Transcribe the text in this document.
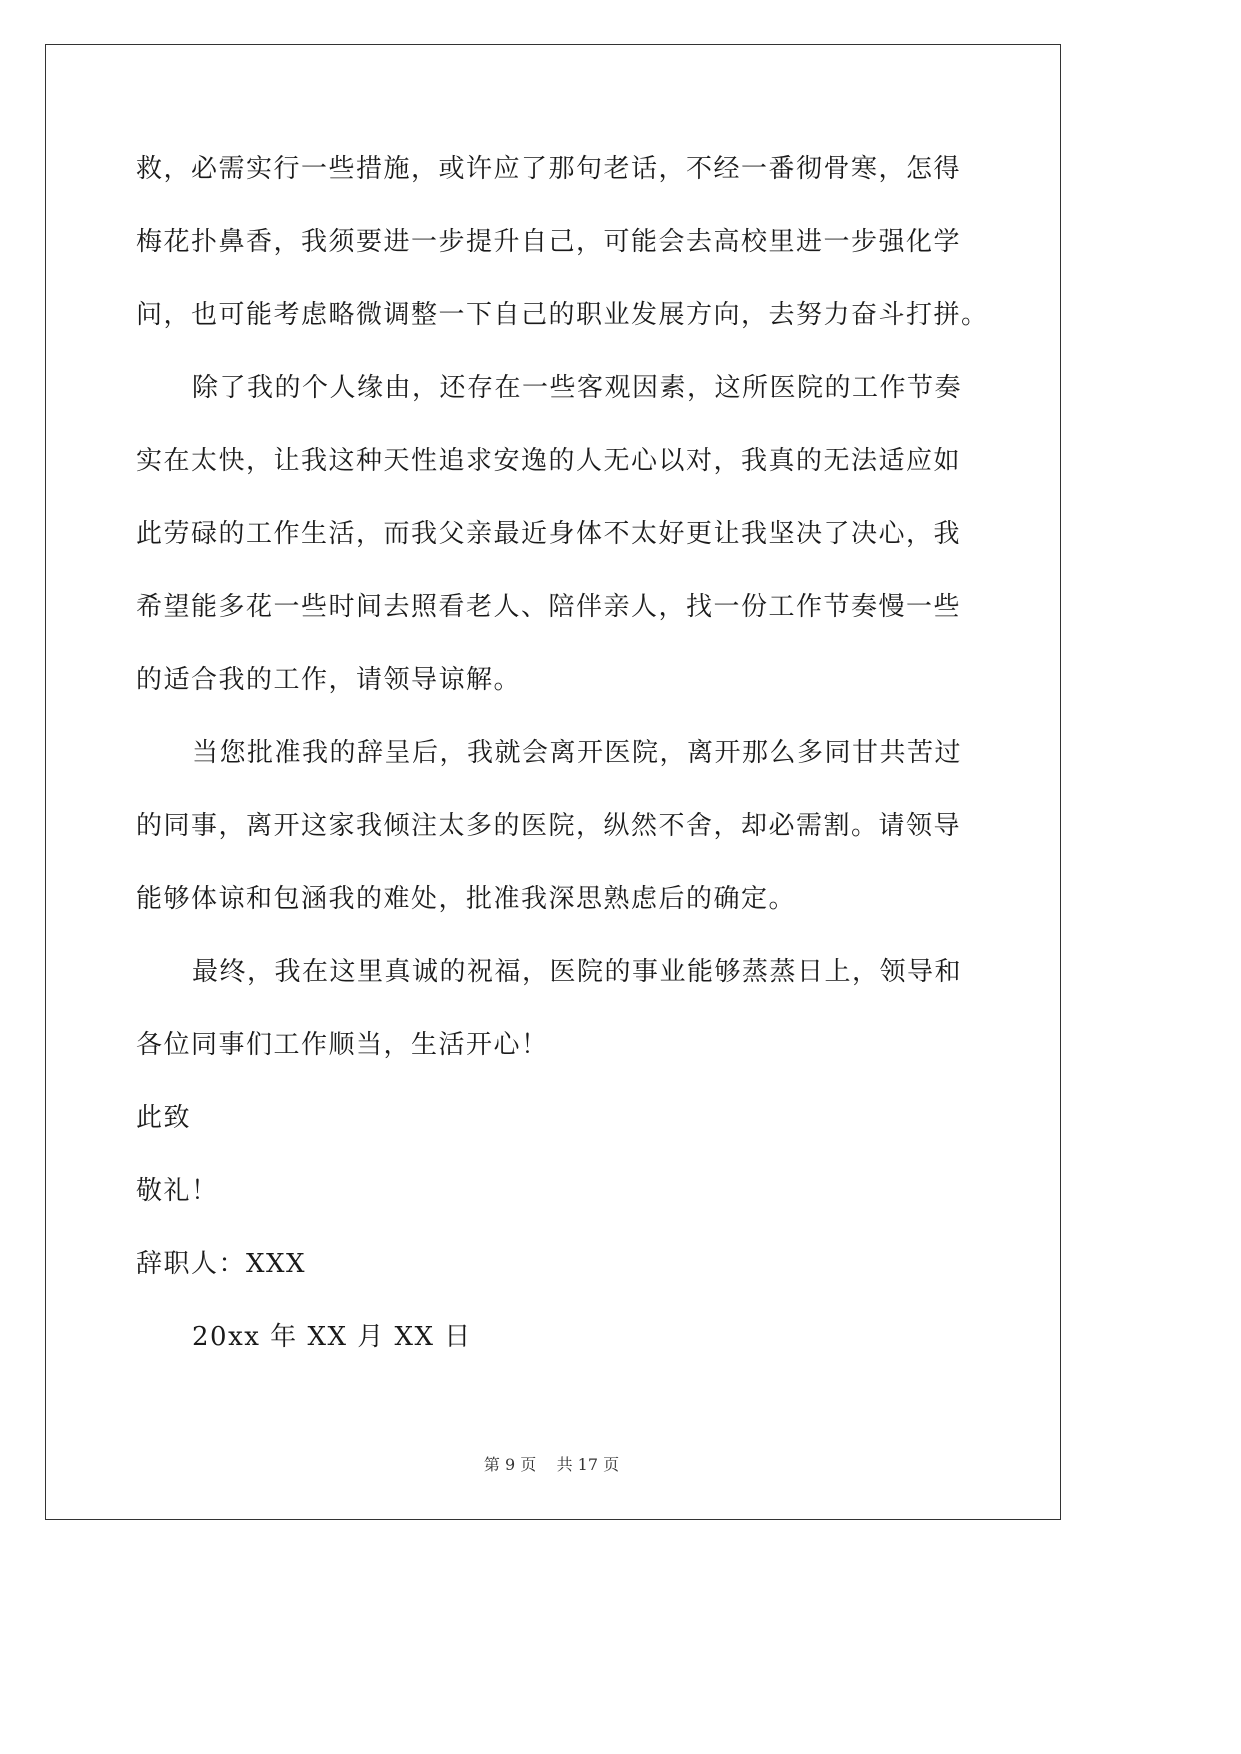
救，必需实行一些措施，或许应了那句老话，不经一番彻骨寒，怎得
梅花扑鼻香，我须要进一步提升自己，可能会去高校里进一步强化学
问，也可能考虑略微调整一下自己的职业发展方向，去努力奋斗打拼。
除了我的个人缘由，还存在一些客观因素，这所医院的工作节奏
实在太快，让我这种天性追求安逸的人无心以对，我真的无法适应如
此劳碌的工作生活，而我父亲最近身体不太好更让我坚决了决心，我
希望能多花一些时间去照看老人、陪伴亲人，找一份工作节奏慢一些
的适合我的工作，请领导谅解。
当您批准我的辞呈后，我就会离开医院，离开那么多同甘共苦过
的同事，离开这家我倾注太多的医院，纵然不舍，却必需割。请领导
能够体谅和包涵我的难处，批准我深思熟虑后的确定。
最终，我在这里真诚的祝福，医院的事业能够蒸蒸日上，领导和
各位同事们工作顺当，生活开心！
此致
敬礼！
辞职人：XXX
20xx 年 XX 月 XX 日
第 9 页    共 17 页
